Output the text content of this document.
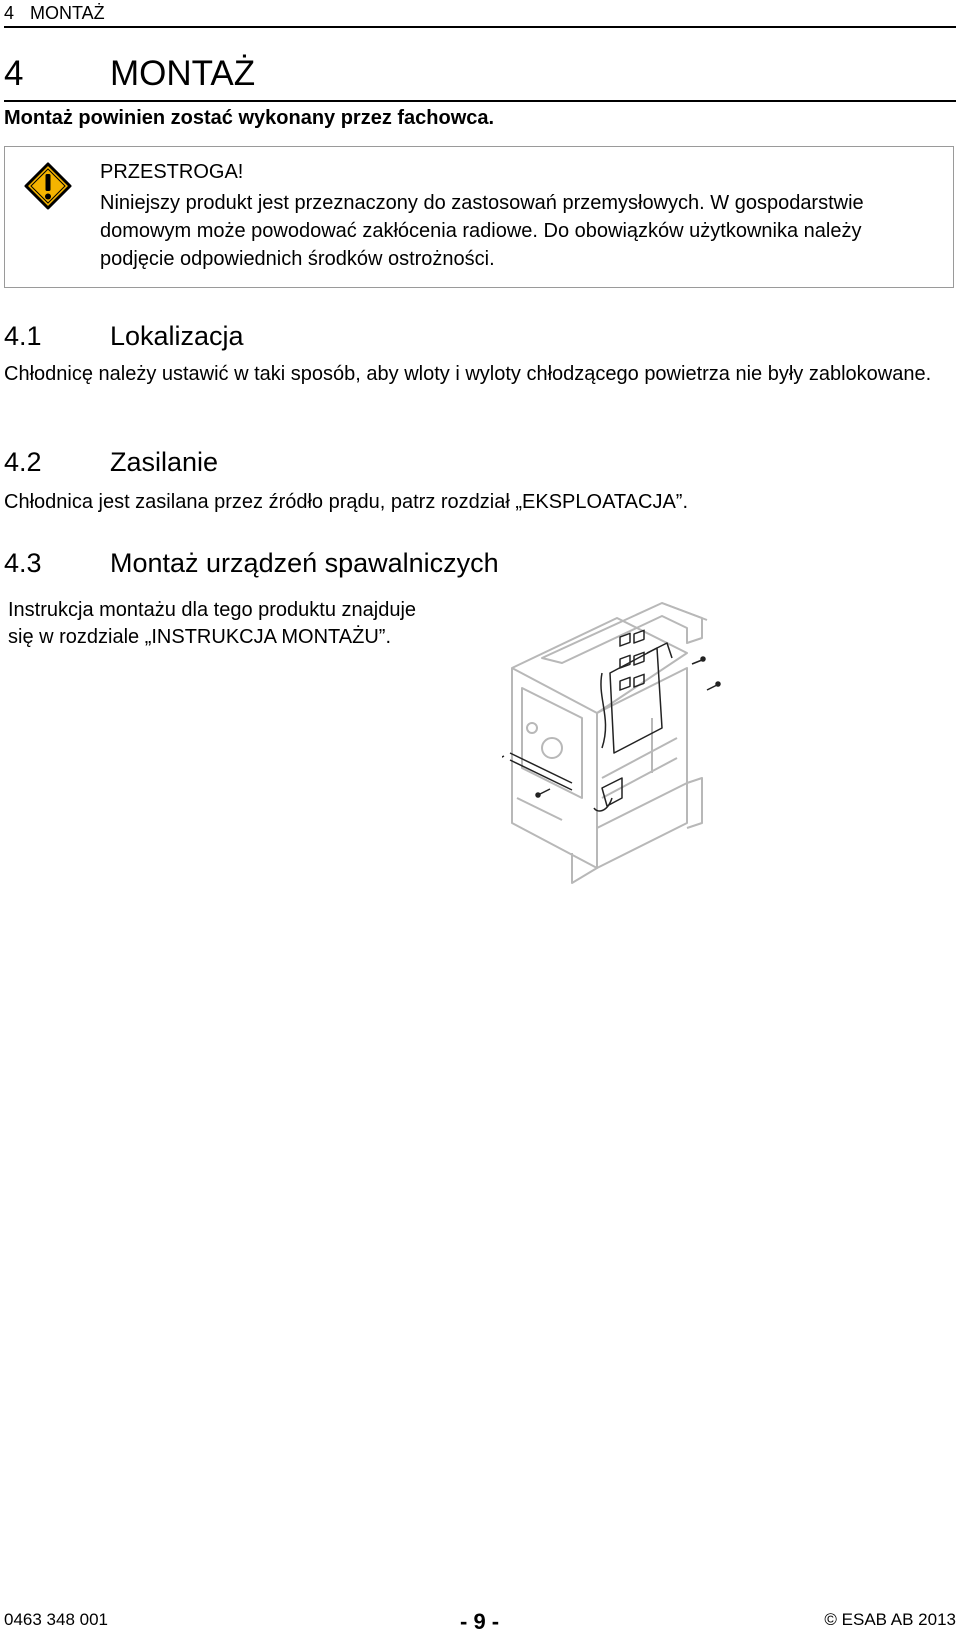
4 MONTAŻ
4 MONTAŻ
Montaż powinien zostać wykonany przez fachowca.
PRZESTROGA!
Niniejszy produkt jest przeznaczony do zastosowań przemysłowych. W gospodarstwie domowym może powodować zakłócenia radiowe. Do obowiązków użytkownika należy podjęcie odpowiednich środków ostrożności.
4.1	Lokalizacja
Chłodnicę należy ustawić w taki sposób, aby wloty i wyloty chłodzącego powietrza nie były zablokowane.
4.2	Zasilanie
Chłodnica jest zasilana przez źródło prądu, patrz rozdział „EKSPLOATACJA”.
4.3	Montaż urządzeń spawalniczych
Instrukcja montażu dla tego produktu znajduje się w rozdziale „INSTRUKCJA MONTAŻU”.
0463 348 001	- 9 -	© ESAB AB 2013
